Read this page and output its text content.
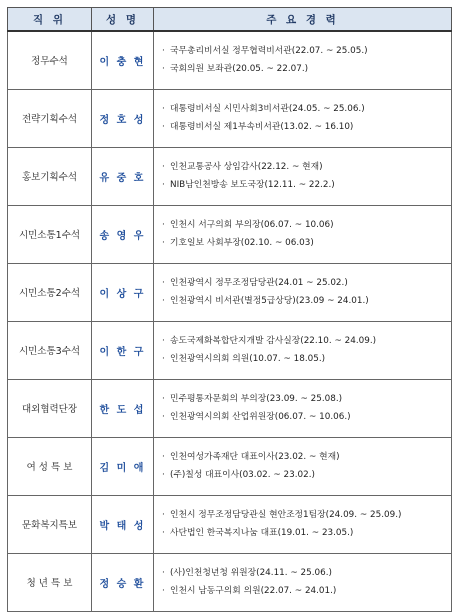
직 위	성 명	주 요 경 력
정무수석	이 충 현	· 국무총리비서실 정무협력비서관(22.07. ~ 25.05.)
· 국회의원 보좌관(20.05. ~ 22.07.)

전략기획수석	정 호 성	· 대통령비서실 시민사회3비서관(24.05. ~ 25.06.)
· 대통령비서실 제1부속비서관(13.02. ~ 16.10)

홍보기획수석	유 중 호	· 인천교통공사 상임감사(22.12. ~ 현재)
· NIB남인천방송 보도국장(12.11. ~ 22.2.)

시민소통1수석	송 영 우	· 인천시 서구의회 부의장(06.07. ~ 10.06)
· 기호일보 사회부장(02.10. ~ 06.03)

시민소통2수석	이 상 구	· 인천광역시 정무조정담당관(24.01 ~ 25.02.)
· 인천광역시 비서관(별정5급상당)(23.09 ~ 24.01.)

시민소통3수석	이 한 구	· 송도국제화복합단지개발 감사실장(22.10. ~ 24.09.)
· 인천광역시의회 의원(10.07. ~ 18.05.)

대외협력단장	한 도 섭	· 민주평통자문회의 부의장(23.09. ~ 25.08.)
· 인천광역시의회 산업위원장(06.07. ~ 10.06.)

여 성 특 보	김 미 애	· 인천여성가족재단 대표이사(23.02. ~ 현재)
· (주)칠성 대표이사(03.02. ~ 23.02.)

문화복지특보	박 태 성	· 인천시 정무조정담당관실 현안조정1팀장(24.09. ~ 25.09.)
· 사단법인 한국복지나눔 대표(19.01. ~ 23.05.)

청 년 특 보	정 승 환	· (사)인천청년청 위원장(24.11. ~ 25.06.)
· 인천시 남동구의회 의원(22.07. ~ 24.01.)
